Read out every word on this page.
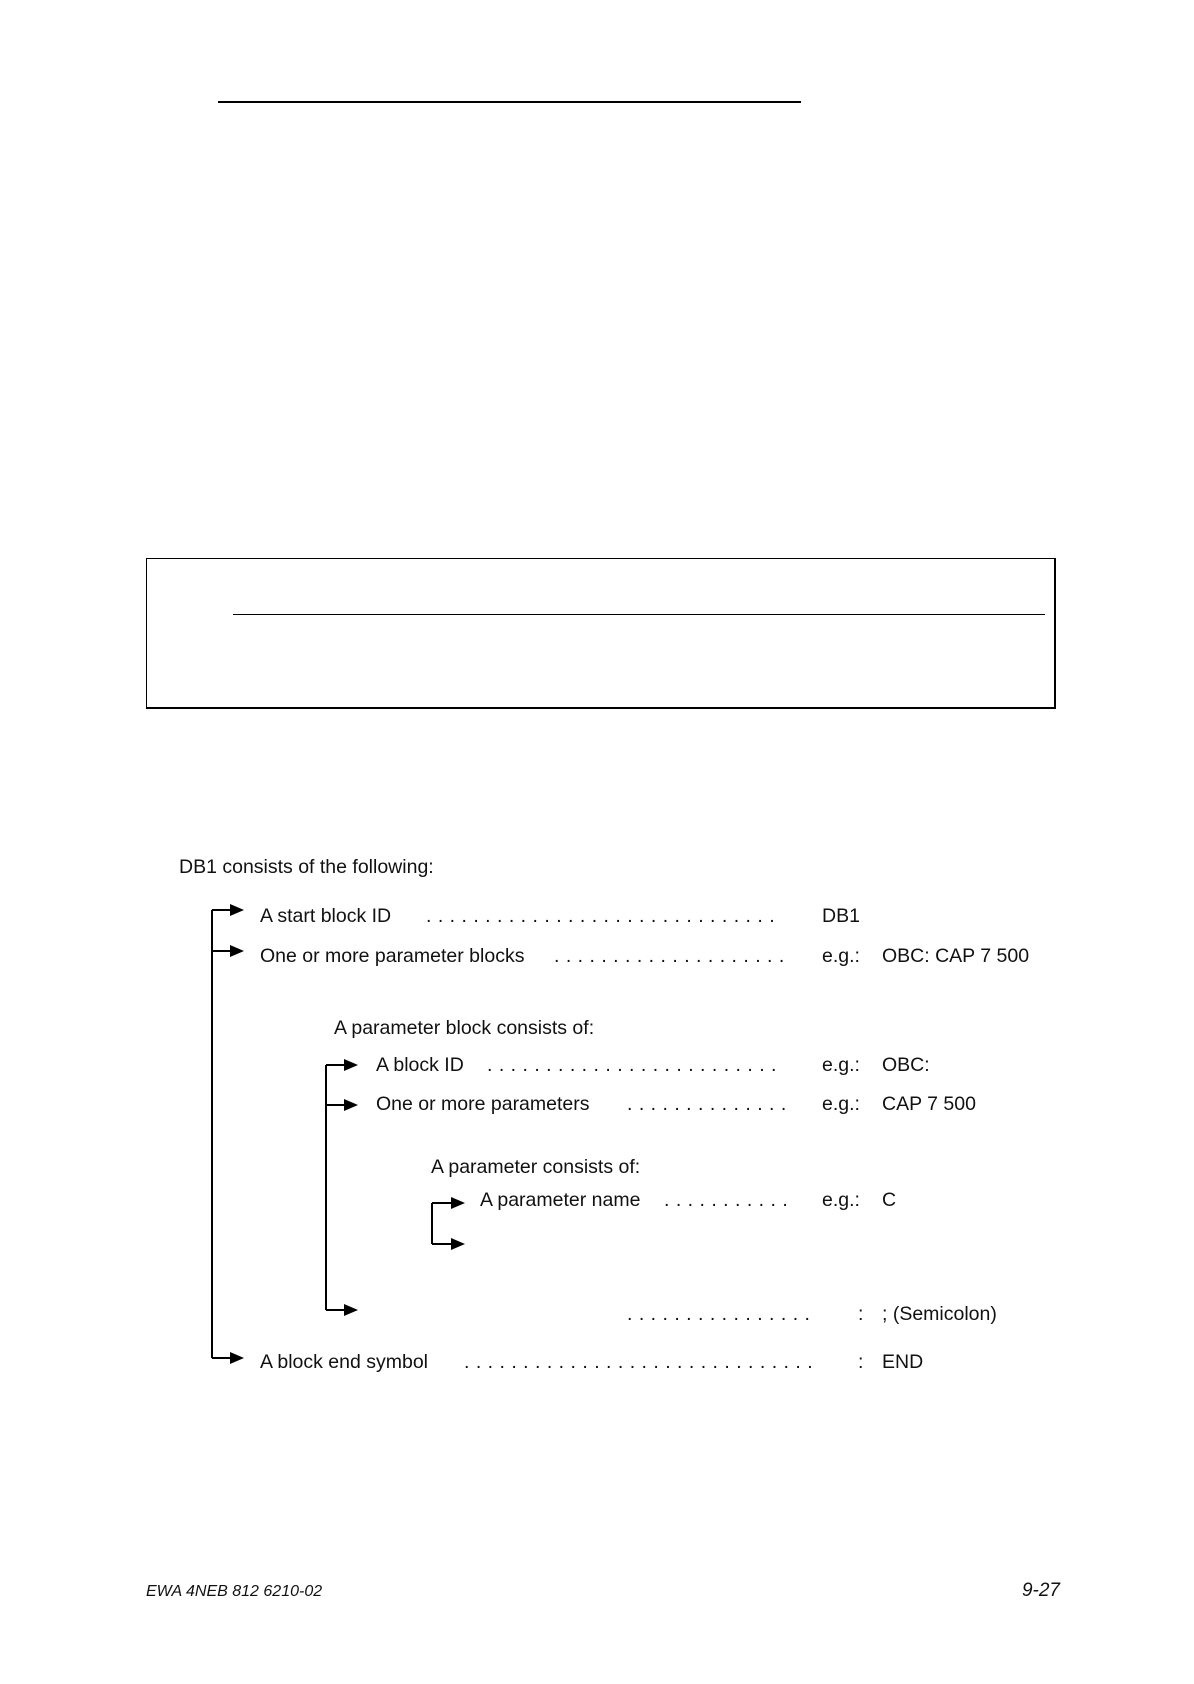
DB1 consists of the following:
A start block ID . . . . . . . . . . . . . . . . . . . . . . . . . . . . . . DB1
One or more parameter blocks . . . . . . . . . . . . . . . . . . . . e.g.: OBC: CAP 7 500
A parameter block consists of:
A block ID . . . . . . . . . . . . . . . . . . . . . . . . . e.g.: OBC:
One or more parameters . . . . . . . . . . . . . . e.g.: CAP 7 500
A parameter consists of:
A parameter name . . . . . . . . . . . e.g.: C
. . . . . . . . . . . . . . . . : ; (Semicolon)
A block end symbol . . . . . . . . . . . . . . . . . . . . . . . . . . . . . . : END
EWA 4NEB 812 6210-02	9-27
